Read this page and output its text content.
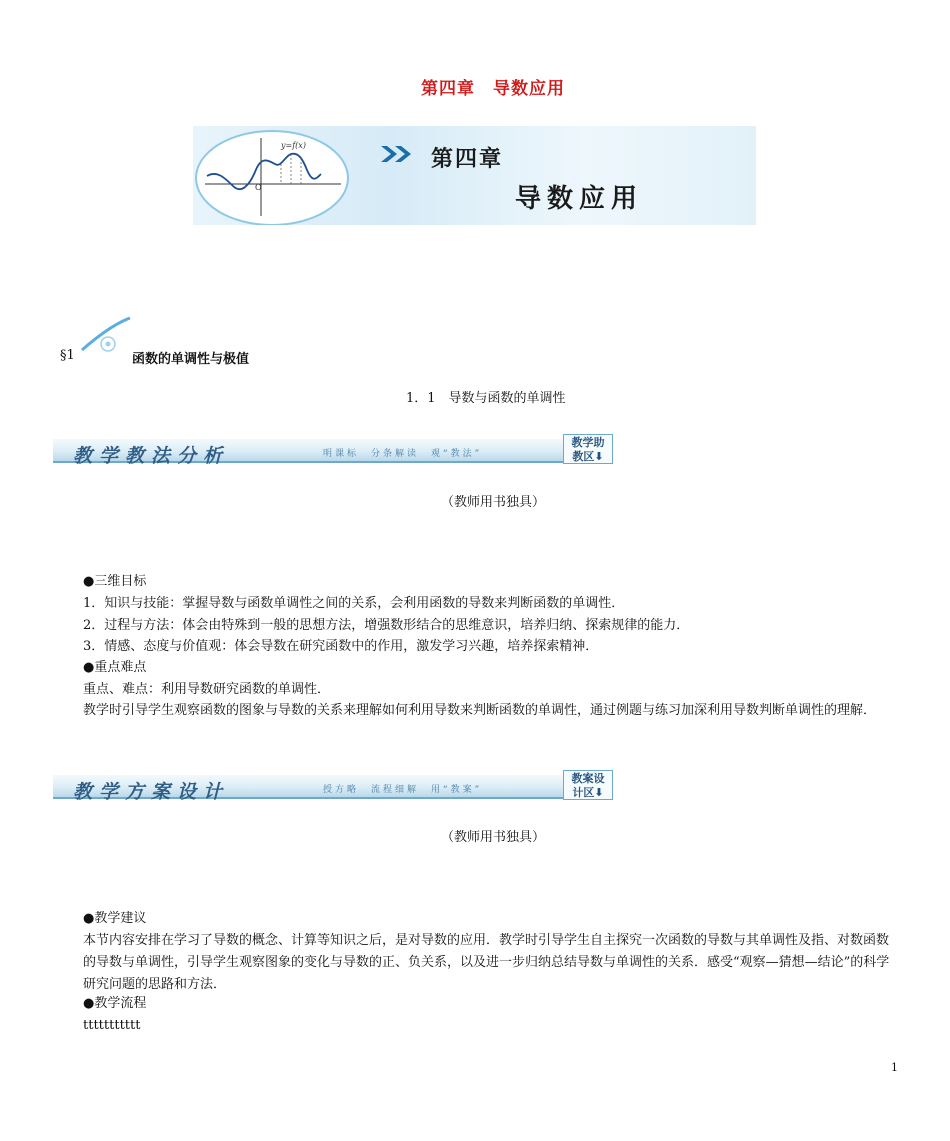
第四章　导数应用
y=f(x)
O
第四章
导数应用
§1	函数的单调性与极值
1．1　导数与函数的单调性
教学教法分析	明课标　分条解读　观“教法”
教学助
教区⬇
（教师用书独具）
●三维目标
1．知识与技能：掌握导数与函数单调性之间的关系，会利用函数的导数来判断函数的单调性．
2．过程与方法：体会由特殊到一般的思想方法，增强数形结合的思维意识，培养归纳、探索规律的能力．
3．情感、态度与价值观：体会导数在研究函数中的作用，激发学习兴趣，培养探索精神．
●重点难点
重点、难点：利用导数研究函数的单调性．
教学时引导学生观察函数的图象与导数的关系来理解如何利用导数来判断函数的单调性，通过例题与练习加深利用导数判断单调性的理解．
教学方案设计	授方略　流程细解　用“教案”
教案设
计区⬇
（教师用书独具）
●教学建议
本节内容安排在学习了导数的概念、计算等知识之后，是对导数的应用．教学时引导学生自主探究一次函数的导数与其单调性及指、对数函数的导数与单调性，引导学生观察图象的变化与导数的正、负关系，以及进一步归纳总结导数与单调性的关系．感受“观察—猜想—结论”的科学研究问题的思路和方法．
●教学流程
ttttttttttt
1
